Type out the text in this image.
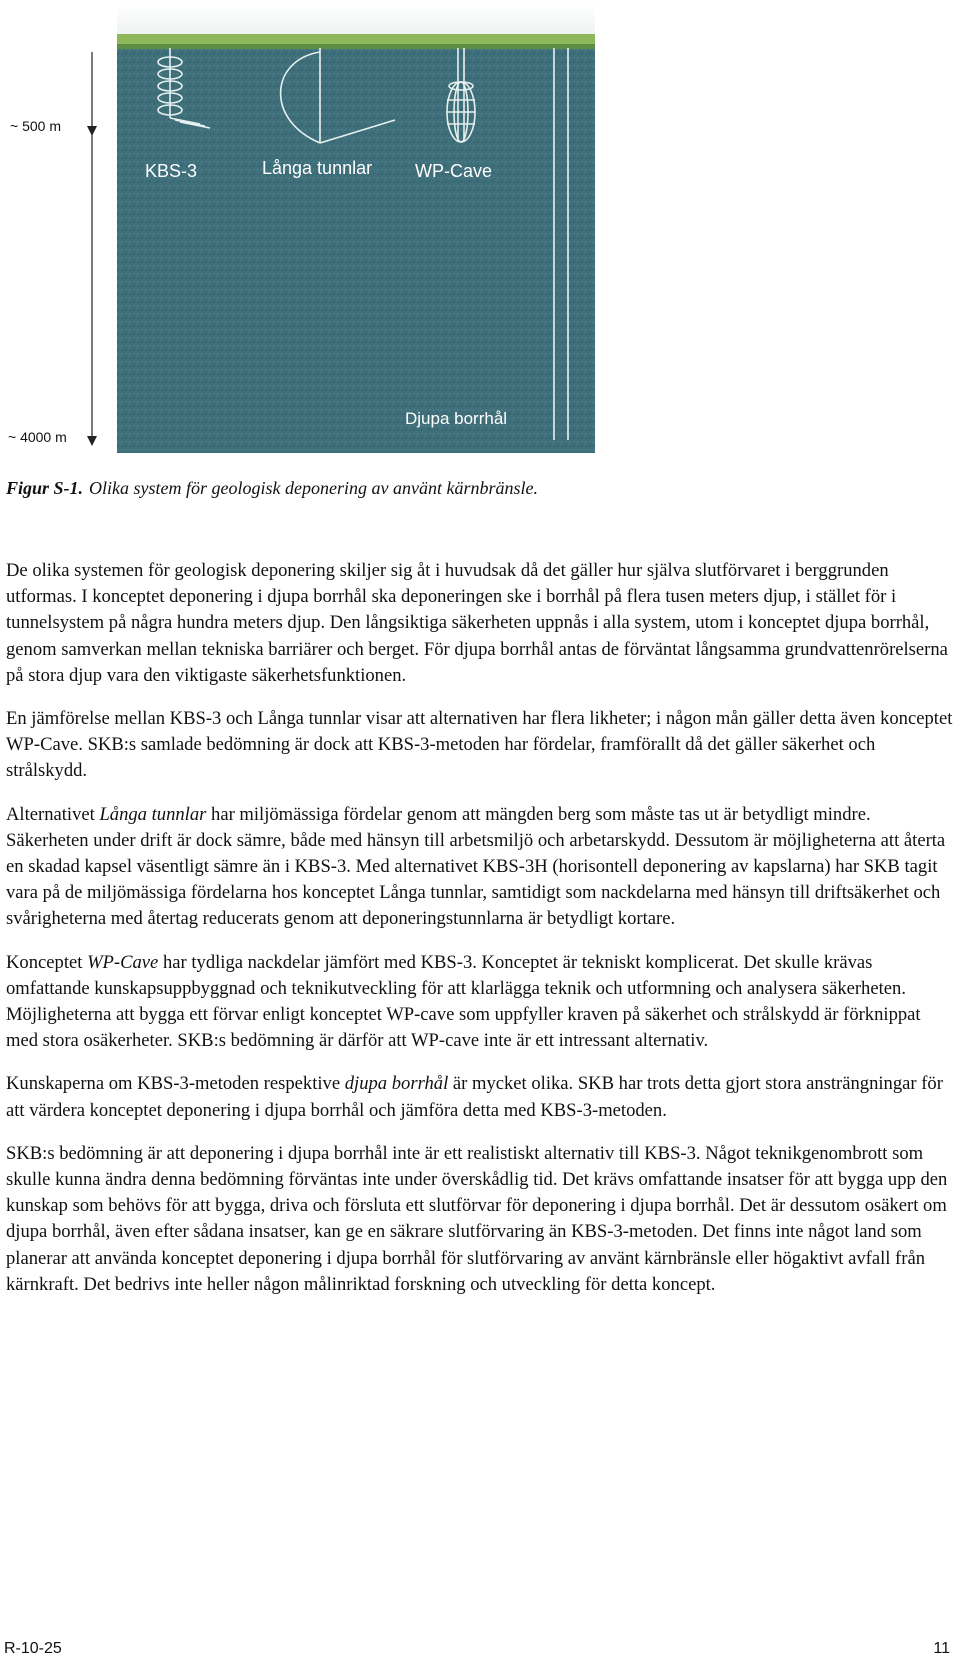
~ 500 m
~ 4000 m
KBS-3	Långa tunnlar WP-Cave
Djupa borrhål
Figur S-1. Olika system för geologisk deponering av använt kärnbränsle.

De olika systemen för geologisk deponering skiljer sig åt i huvudsak då det gäller hur själva slutförvaret i berggrunden utformas. I konceptet deponering i djupa borrhål ska deponeringen ske i borrhål på flera tusen meters djup, i stället för i tunnelsystem på några hundra meters djup. Den långsiktiga säkerheten uppnås i alla system, utom i konceptet djupa borrhål, genom samverkan mellan tekniska barriärer och berget. För djupa borrhål antas de förväntat långsamma grundvattenrörelserna på stora djup vara den viktigaste säkerhetsfunktionen.

En jämförelse mellan KBS-3 och Långa tunnlar visar att alternativen har flera likheter; i någon mån gäller detta även konceptet WP-Cave. SKB:s samlade bedömning är dock att KBS-3-metoden har fördelar, framförallt då det gäller säkerhet och strålskydd.

Alternativet Långa tunnlar har miljömässiga fördelar genom att mängden berg som måste tas ut är betydligt mindre. Säkerheten under drift är dock sämre, både med hänsyn till arbetsmiljö och arbetarskydd. Dessutom är möjligheterna att återta en skadad kapsel väsentligt sämre än i KBS-3. Med alternativet KBS-3H (horisontell deponering av kapslarna) har SKB tagit vara på de miljömässiga fördelarna hos konceptet Långa tunnlar, samtidigt som nackdelarna med hänsyn till driftsäkerhet och svårigheterna med återtag reducerats genom att deponeringstunnlarna är betydligt kortare.

Konceptet WP-Cave har tydliga nackdelar jämfört med KBS-3. Konceptet är tekniskt komplicerat. Det skulle krävas omfattande kunskapsuppbyggnad och teknikutveckling för att klarlägga teknik och utformning och analysera säkerheten. Möjligheterna att bygga ett förvar enligt konceptet WP-cave som uppfyller kraven på säkerhet och strålskydd är förknippat med stora osäkerheter. SKB:s bedömning är därför att WP-cave inte är ett intressant alternativ.

Kunskaperna om KBS-3-metoden respektive djupa borrhål är mycket olika. SKB har trots detta gjort stora ansträngningar för att värdera konceptet deponering i djupa borrhål och jämföra detta med KBS-3-metoden.

SKB:s bedömning är att deponering i djupa borrhål inte är ett realistiskt alternativ till KBS-3. Något teknikgenombrott som skulle kunna ändra denna bedömning förväntas inte under överskådlig tid. Det krävs omfattande insatser för att bygga upp den kunskap som behövs för att bygga, driva och försluta ett slutförvar för deponering i djupa borrhål. Det är dessutom osäkert om djupa borrhål, även efter sådana insatser, kan ge en säkrare slutförvaring än KBS-3-metoden. Det finns inte något land som planerar att använda konceptet deponering i djupa borrhål för slutförvaring av använt kärnbränsle eller högaktivt avfall från kärnkraft. Det bedrivs inte heller någon målinriktad forskning och utveckling för detta koncept.

R-10-25	11
